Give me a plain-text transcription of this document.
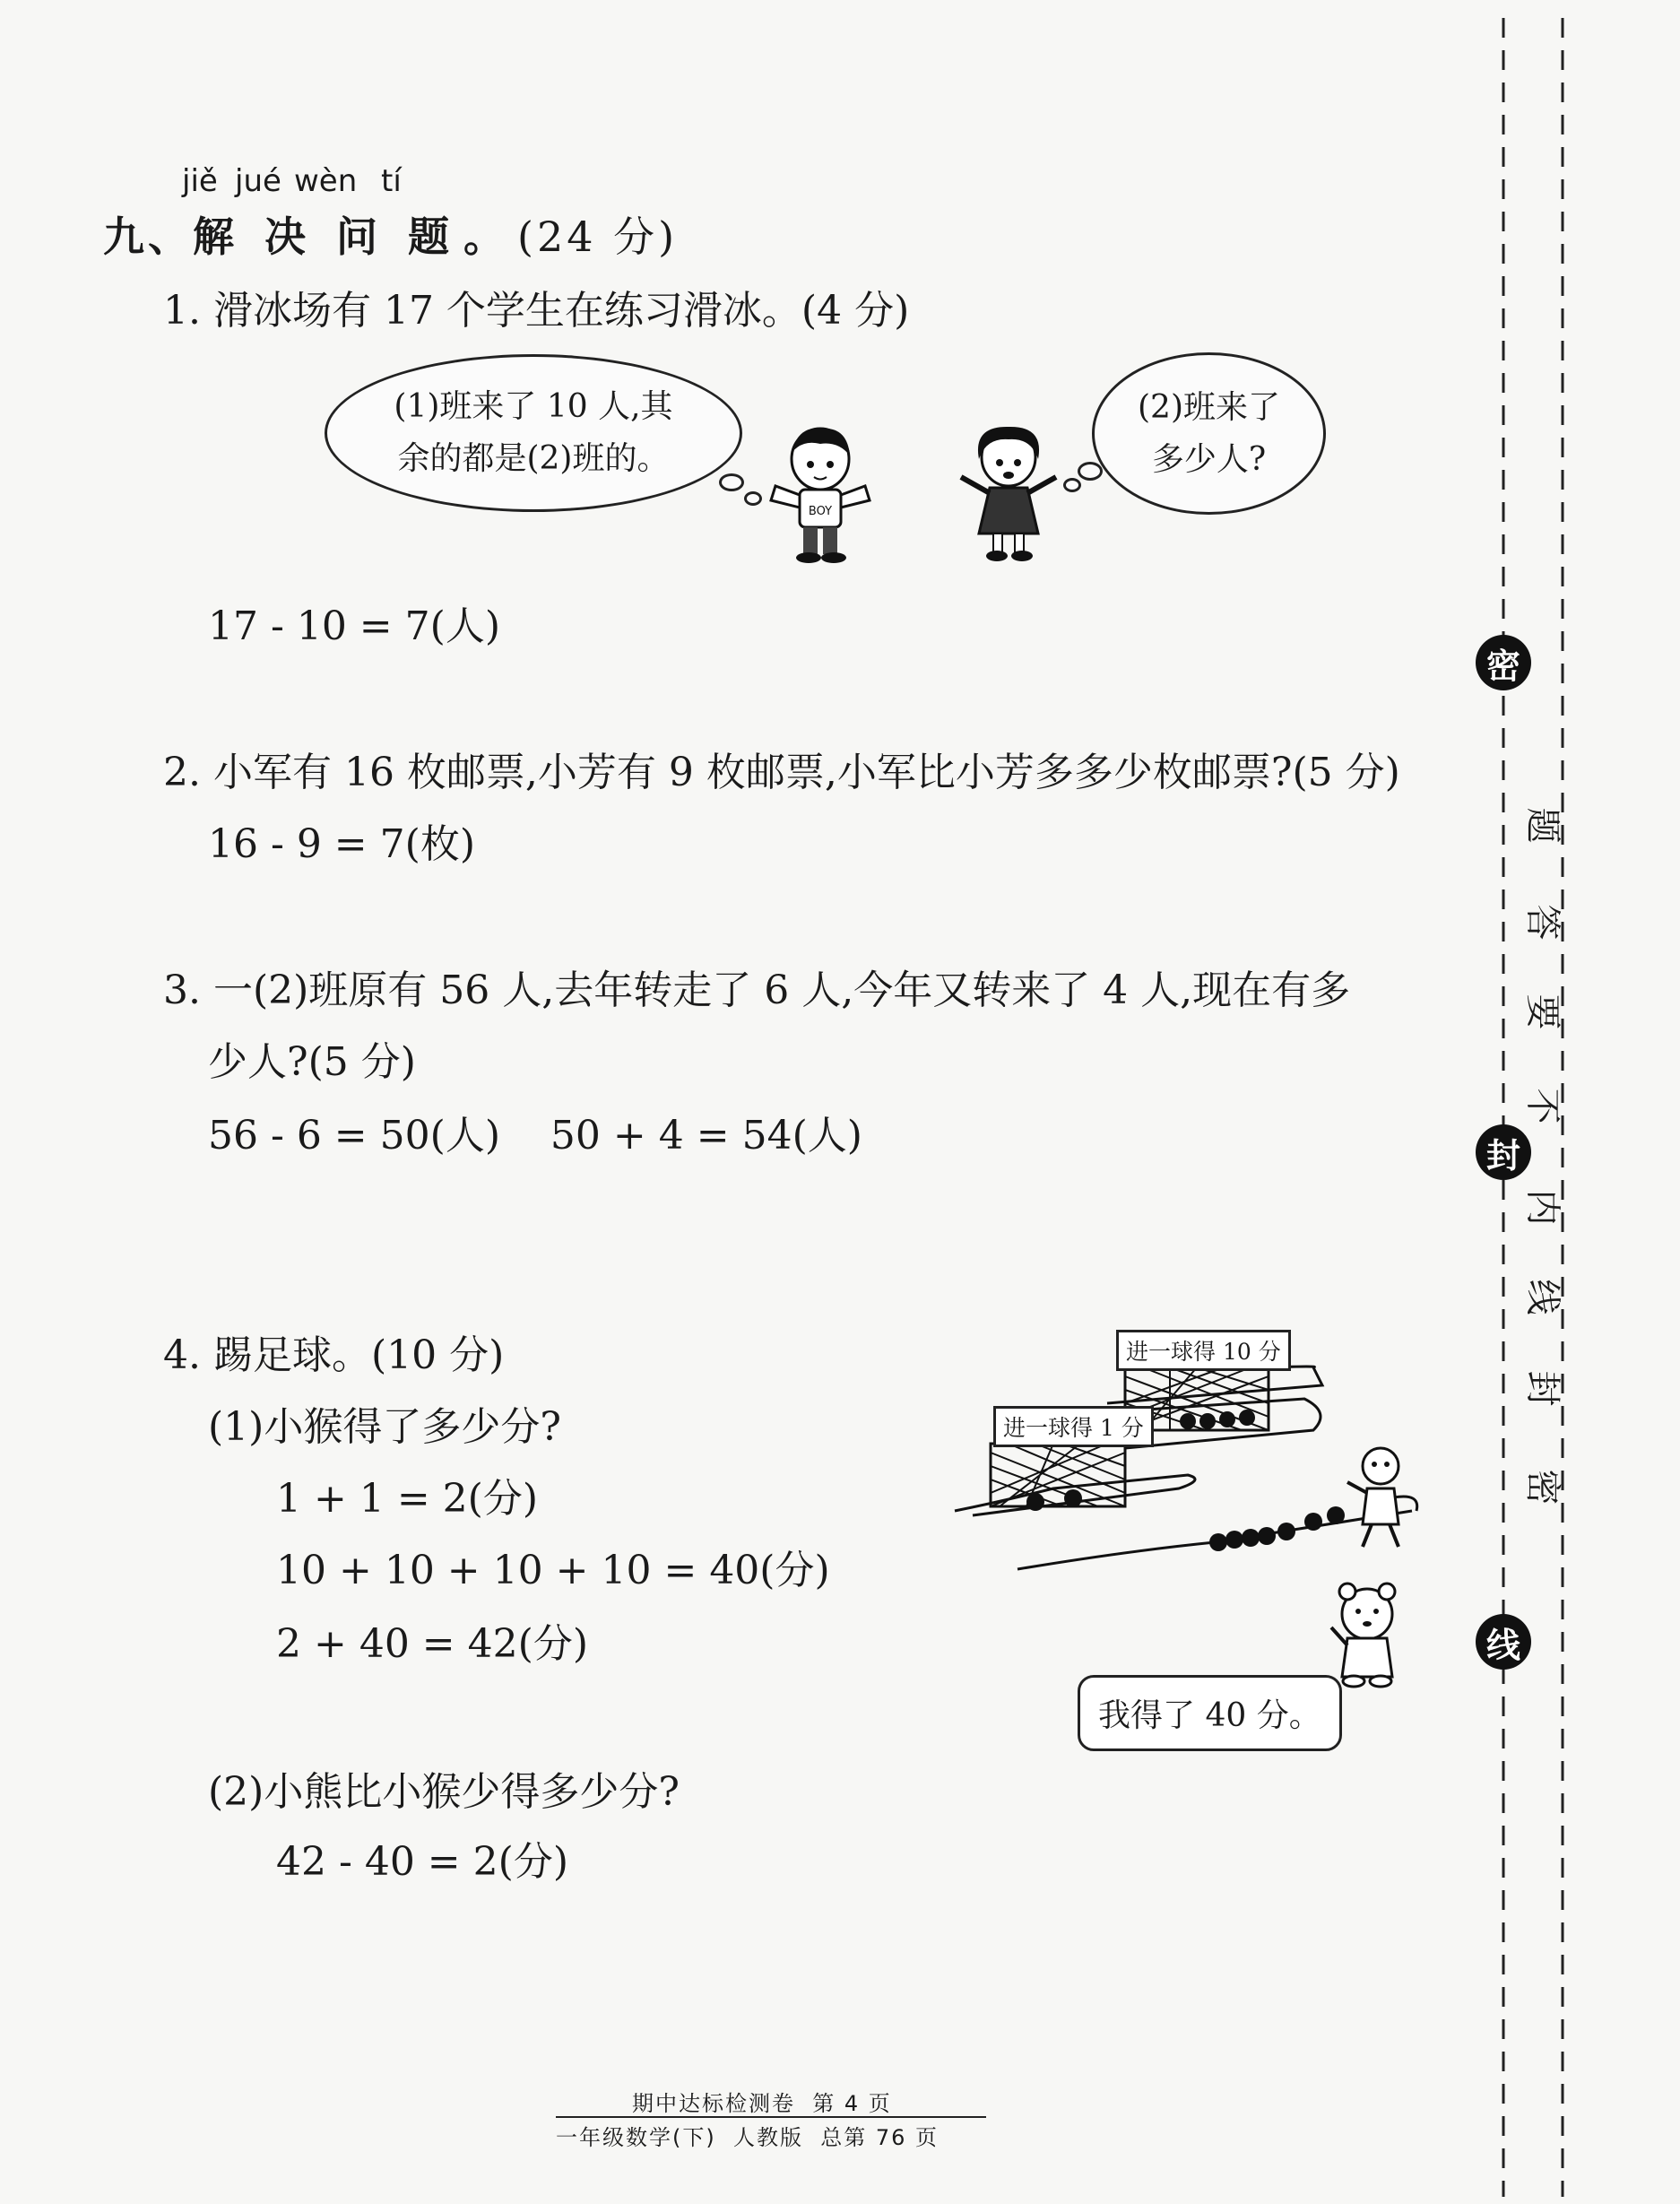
jiě jué wèn tí
九、解 决 问 题 。 (24 分)
1. 滑冰场有 17 个学生在练习滑冰。(4 分)
(1)班来了 10 人,其
余的都是(2)班的。
(2)班来了
多少人?
BOY
17 - 10 = 7(人)
2. 小军有 16 枚邮票,小芳有 9 枚邮票,小军比小芳多多少枚邮票?(5 分)
16 - 9 = 7(枚)
3. 一(2)班原有 56 人,去年转走了 6 人,今年又转来了 4 人,现在有多
少人?(5 分)
56 - 6 = 50(人)    50 + 4 = 54(人)
4. 踢足球。(10 分)
(1)小猴得了多少分?
1 + 1 = 2(分)
10 + 10 + 10 + 10 = 40(分)
2 + 40 = 42(分)
(2)小熊比小猴少得多少分?
42 - 40 = 2(分)
进一球得 10 分
进一球得 1 分
我得了 40 分。
密
封
线
题
答
要
不
内
线
封
密
期中达标检测卷  第 4 页
一年级数学(下)  人教版  总第 76 页
